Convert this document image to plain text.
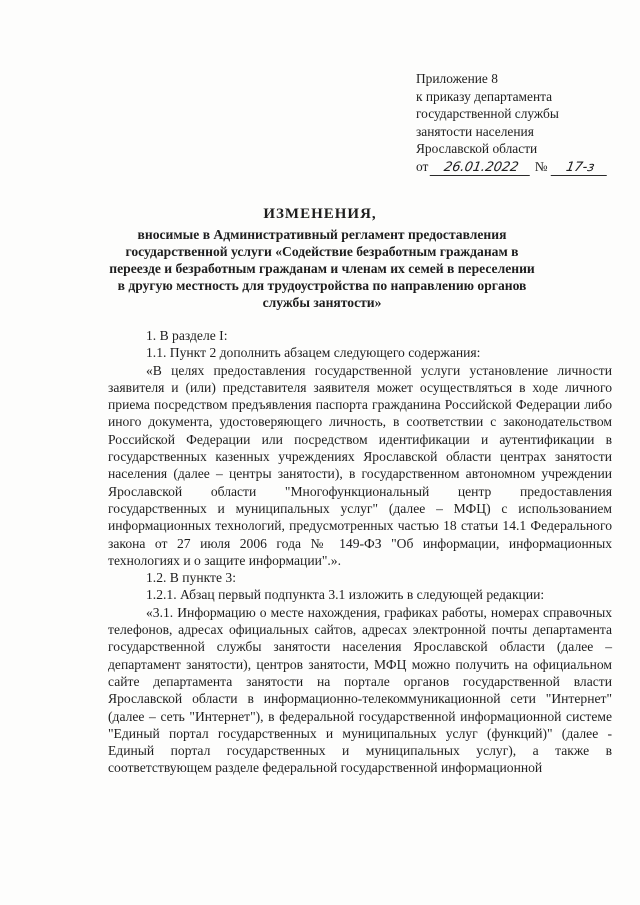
Приложение 8
к приказу департамента
государственной службы
занятости населения
Ярославской области
от 26.01.2022 № 17-з
ИЗМЕНЕНИЯ,
вносимые в Административный регламент предоставления государственной услуги «Содействие безработным гражданам в переезде и безработным гражданам и членам их семей в переселении в другую местность для трудоустройства по направлению органов службы занятости»

1. В разделе I:

1.1. Пункт 2 дополнить абзацем следующего содержания:

«В целях предоставления государственной услуги установление личности заявителя и (или) представителя заявителя может осуществляться в ходе личного приема посредством предъявления паспорта гражданина Российской Федерации либо иного документа, удостоверяющего личность, в соответствии с законодательством Российской Федерации или посредством идентификации и аутентификации в государственных казенных учреждениях Ярославской области центрах занятости населения (далее – центры занятости), в государственном автономном учреждении Ярославской области "Многофункциональный центр предоставления государственных и муниципальных услуг" (далее – МФЦ) с использованием информационных технологий, предусмотренных частью 18 статьи 14.1 Федерального закона от 27 июля 2006 года № 149-ФЗ "Об информации, информационных технологиях и о защите информации".».

1.2. В пункте 3:

1.2.1. Абзац первый подпункта 3.1 изложить в следующей редакции:

«3.1. Информацию о месте нахождения, графиках работы, номерах справочных телефонов, адресах официальных сайтов, адресах электронной почты департамента государственной службы занятости населения Ярославской области (далее – департамент занятости), центров занятости, МФЦ можно получить на официальном сайте департамента занятости на портале органов государственной власти Ярославской области в информационно-телекоммуникационной сети "Интернет" (далее – сеть "Интернет"), в федеральной государственной информационной системе "Единый портал государственных и муниципальных услуг (функций)" (далее - Единый портал государственных и муниципальных услуг), а также в соответствующем разделе федеральной государственной информационной
